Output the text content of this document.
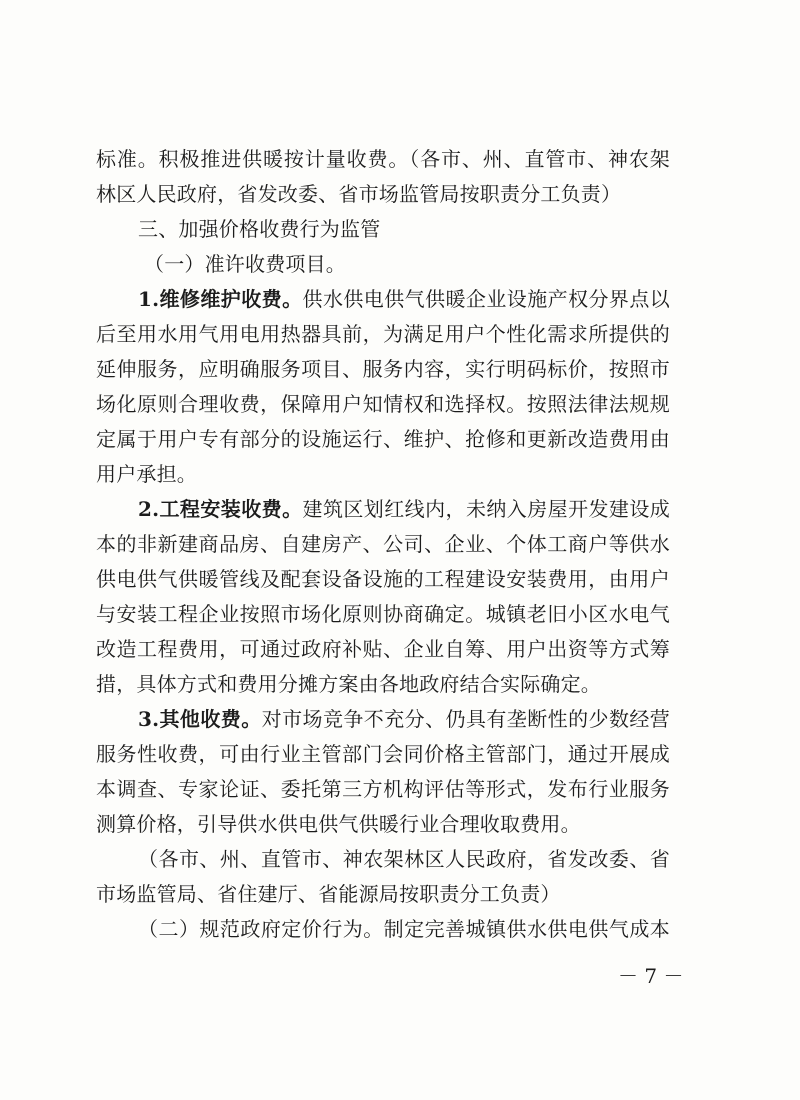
标准。积极推进供暖按计量收费。（各市、州、直管市、神农架
林区人民政府，省发改委、省市场监管局按职责分工负责）
三、加强价格收费行为监管
（一）准许收费项目。
1.维修维护收费。供水供电供气供暖企业设施产权分界点以
后至用水用气用电用热器具前，为满足用户个性化需求所提供的
延伸服务，应明确服务项目、服务内容，实行明码标价，按照市
场化原则合理收费，保障用户知情权和选择权。按照法律法规规
定属于用户专有部分的设施运行、维护、抢修和更新改造费用由
用户承担。
2.工程安装收费。建筑区划红线内，未纳入房屋开发建设成
本的非新建商品房、自建房产、公司、企业、个体工商户等供水
供电供气供暖管线及配套设备设施的工程建设安装费用，由用户
与安装工程企业按照市场化原则协商确定。城镇老旧小区水电气
改造工程费用，可通过政府补贴、企业自筹、用户出资等方式筹
措，具体方式和费用分摊方案由各地政府结合实际确定。
3.其他收费。对市场竞争不充分、仍具有垄断性的少数经营
服务性收费，可由行业主管部门会同价格主管部门，通过开展成
本调查、专家论证、委托第三方机构评估等形式，发布行业服务
测算价格，引导供水供电供气供暖行业合理收取费用。
（各市、州、直管市、神农架林区人民政府，省发改委、省
市场监管局、省住建厅、省能源局按职责分工负责）
（二）规范政府定价行为。制定完善城镇供水供电供气成本
－ 7 －
